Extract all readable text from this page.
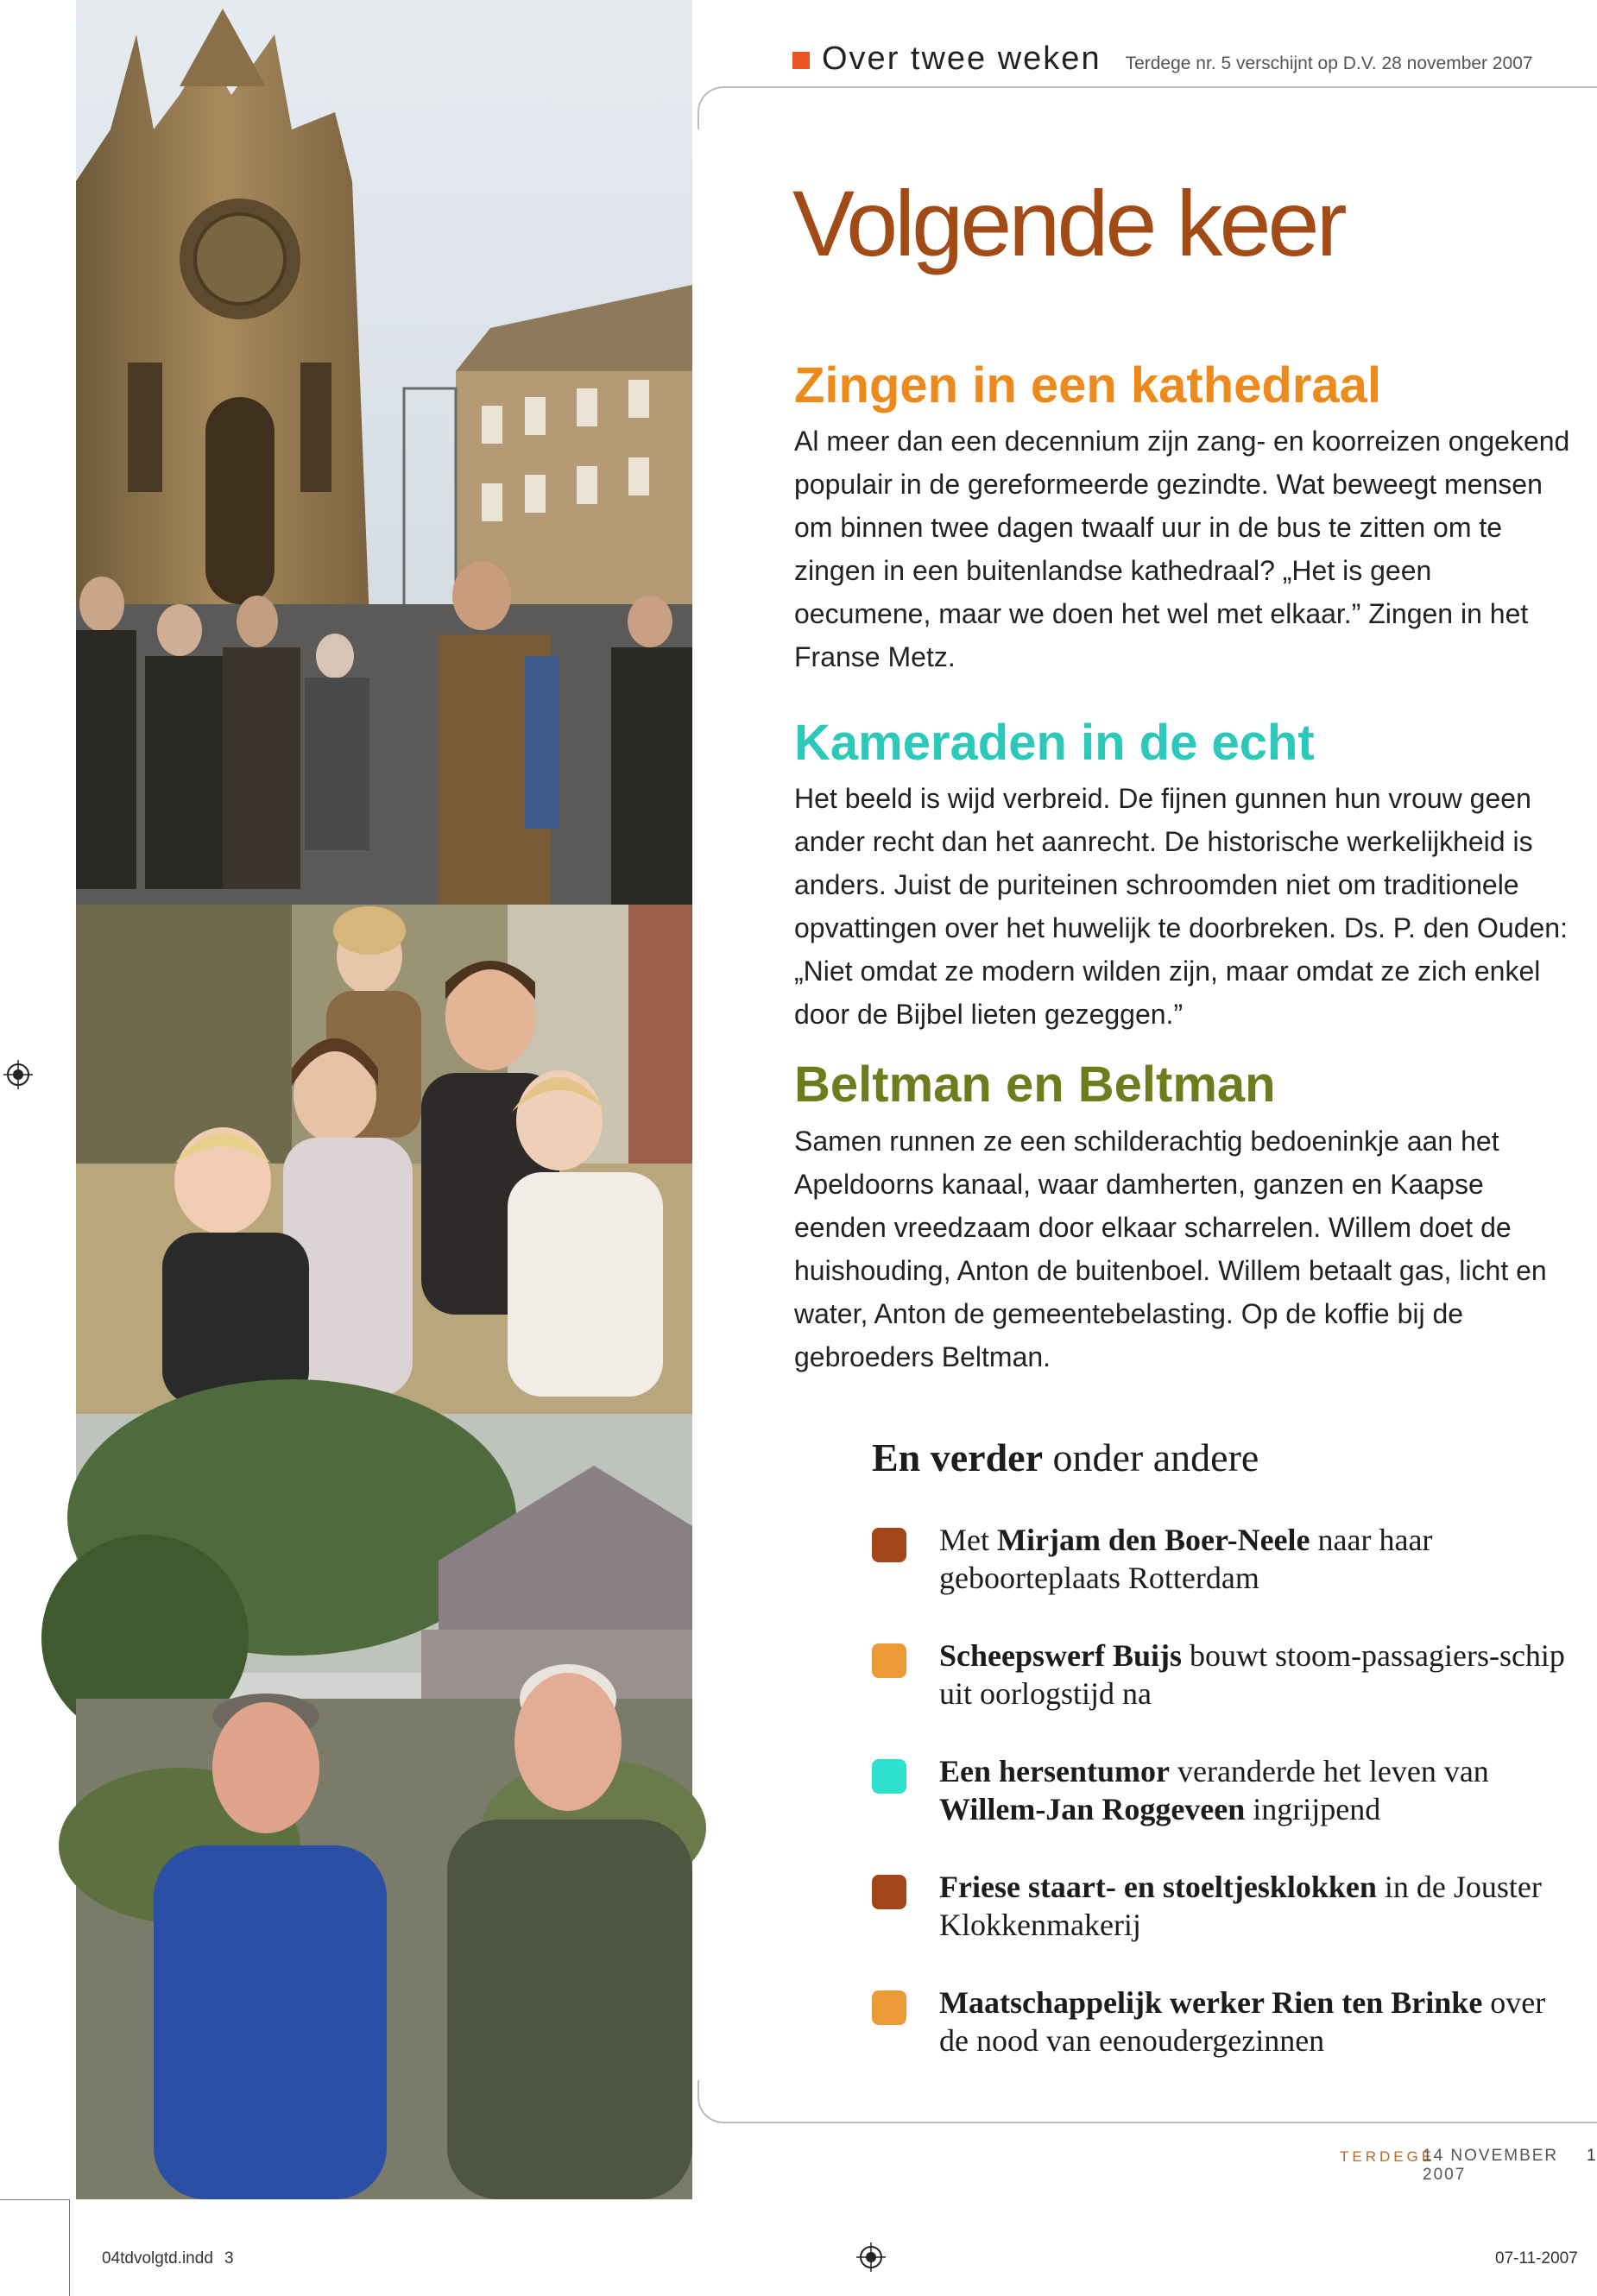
Over twee weken Terdege nr. 5 verschijnt op D.V. 28 november 2007
Volgende keer
Zingen in een kathedraal

Al meer dan een decennium zijn zang- en koorreizen ongekend populair in de gereformeerde gezindte. Wat beweegt mensen om binnen twee dagen twaalf uur in de bus te zitten om te zingen in een buitenlandse kathedraal? „Het is geen oecumene, maar we doen het wel met elkaar.” Zingen in het Franse Metz.

Kameraden in de echt

Het beeld is wijd verbreid. De fijnen gunnen hun vrouw geen ander recht dan het aanrecht. De historische werkelijkheid is anders. Juist de puriteinen schroomden niet om traditionele opvattingen over het huwelijk te doorbreken. Ds. P. den Ouden: „Niet omdat ze modern wilden zijn, maar omdat ze zich enkel door de Bijbel lieten gezeggen.”

Beltman en Beltman

Samen runnen ze een schilderachtig bedoeninkje aan het Apeldoorns kanaal, waar damherten, ganzen en Kaapse eenden vreedzaam door elkaar scharrelen. Willem doet de huishouding, Anton de buitenboel. Willem betaalt gas, licht en water, Anton de gemeentebelasting. Op de koffie bij de gebroeders Beltman.

En verder onder andere
Met Mirjam den Boer-Neele naar haar geboorteplaats Rotterdam
Scheepswerf Buijs bouwt stoom-passagiers-schip uit oorlogstijd na
Een hersentumor veranderde het leven van Willem-Jan Roggeveen ingrijpend
Friese staart- en stoeltjesklokken in de Jouster Klokkenmakerij
Maatschappelijk werker Rien ten Brinke over de nood van eenoudergezinnen
TERDEGE
14 NOVEMBER 2007
1
04tdvolgtd.indd 3	07-11-2007
